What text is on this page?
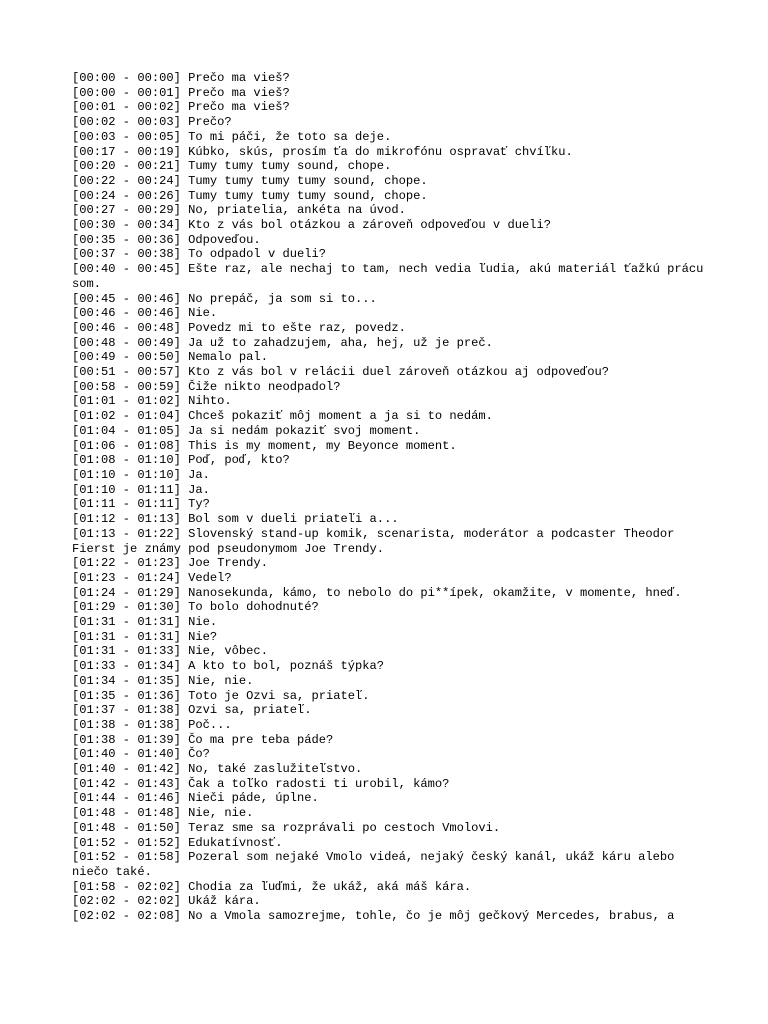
[00:00 - 00:00] Prečo ma vieš?
[00:00 - 00:01] Prečo ma vieš?
[00:01 - 00:02] Prečo ma vieš?
[00:02 - 00:03] Prečo?
[00:03 - 00:05] To mi páči, že toto sa deje.
[00:17 - 00:19] Kúbko, skús, prosím ťa do mikrofónu ospravať chvíľku.
[00:20 - 00:21] Tumy tumy tumy sound, chope.
[00:22 - 00:24] Tumy tumy tumy tumy sound, chope.
[00:24 - 00:26] Tumy tumy tumy tumy sound, chope.
[00:27 - 00:29] No, priatelia, ankéta na úvod.
[00:30 - 00:34] Kto z vás bol otázkou a zároveň odpoveďou v dueli?
[00:35 - 00:36] Odpoveďou.
[00:37 - 00:38] To odpadol v dueli?
[00:40 - 00:45] Ešte raz, ale nechaj to tam, nech vedia ľudia, akú materiál ťažkú prácu som.
[00:45 - 00:46] No prepáč, ja som si to...
[00:46 - 00:46] Nie.
[00:46 - 00:48] Povedz mi to ešte raz, povedz.
[00:48 - 00:49] Ja už to zahadzujem, aha, hej, už je preč.
[00:49 - 00:50] Nemalo pal.
[00:51 - 00:57] Kto z vás bol v relácii duel zároveň otázkou aj odpoveďou?
[00:58 - 00:59] Čiže nikto neodpadol?
[01:01 - 01:02] Nihto.
[01:02 - 01:04] Chceš pokaziť môj moment a ja si to nedám.
[01:04 - 01:05] Ja si nedám pokaziť svoj moment.
[01:06 - 01:08] This is my moment, my Beyonce moment.
[01:08 - 01:10] Poď, poď, kto?
[01:10 - 01:10] Ja.
[01:10 - 01:11] Ja.
[01:11 - 01:11] Ty?
[01:12 - 01:13] Bol som v dueli priateľi a...
[01:13 - 01:22] Slovenský stand-up komik, scenarista, moderátor a podcaster Theodor Fierst je známy pod pseudonymom Joe Trendy.
[01:22 - 01:23] Joe Trendy.
[01:23 - 01:24] Vedel?
[01:24 - 01:29] Nanosekunda, kámo, to nebolo do pi**ípek, okamžite, v momente, hneď.
[01:29 - 01:30] To bolo dohodnuté?
[01:31 - 01:31] Nie.
[01:31 - 01:31] Nie?
[01:31 - 01:33] Nie, vôbec.
[01:33 - 01:34] A kto to bol, poznáš týpka?
[01:34 - 01:35] Nie, nie.
[01:35 - 01:36] Toto je Ozvi sa, priateľ.
[01:37 - 01:38] Ozvi sa, priateľ.
[01:38 - 01:38] Poč...
[01:38 - 01:39] Čo ma pre teba páde?
[01:40 - 01:40] Čo?
[01:40 - 01:42] No, také zaslužiteľstvo.
[01:42 - 01:43] Čak a toľko radosti ti urobil, kámo?
[01:44 - 01:46] Nieči páde, úplne.
[01:48 - 01:48] Nie, nie.
[01:48 - 01:50] Teraz sme sa rozprávali po cestoch Vmolovi.
[01:52 - 01:52] Edukatívnosť.
[01:52 - 01:58] Pozeral som nejaké Vmolo videá, nejaký český kanál, ukáž káru alebo niečo také.
[01:58 - 02:02] Chodia za ľuďmi, že ukáž, aká máš kára.
[02:02 - 02:02] Ukáž kára.
[02:02 - 02:08] No a Vmola samozrejme, tohle, čo je môj gečkový Mercedes, brabus, a
